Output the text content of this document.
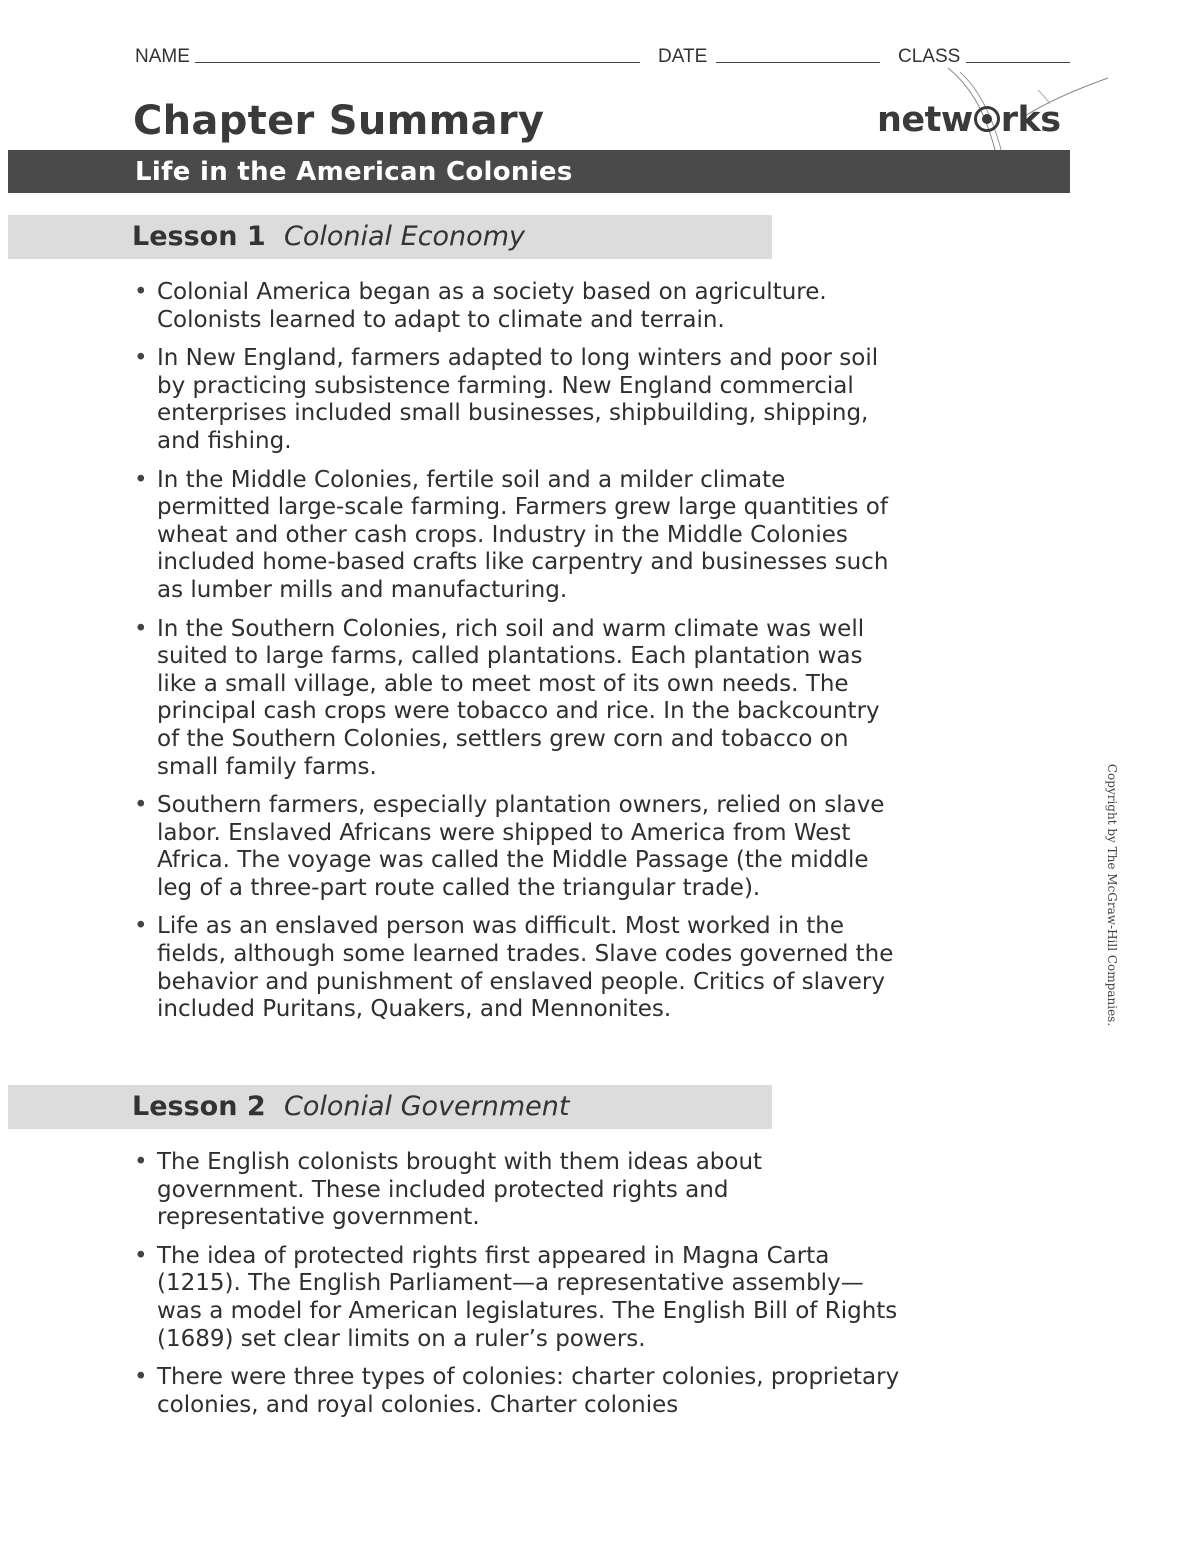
NAME	DATE	CLASS
Chapter Summary	netw rks
Life in the American Colonies
Lesson 1 Colonial Economy
• Colonial America began as a society based on agriculture. Colonists learned to adapt to climate and terrain.
• In New England, farmers adapted to long winters and poor soil by practicing subsistence farming. New England commercial enterprises included small businesses, shipbuilding, shipping, and fishing.
• In the Middle Colonies, fertile soil and a milder climate permitted large-scale farming. Farmers grew large quantities of wheat and other cash crops. Industry in the Middle Colonies included home-based crafts like carpentry and businesses such as lumber mills and manufacturing.
• In the Southern Colonies, rich soil and warm climate was well suited to large farms, called plantations. Each plantation was like a small village, able to meet most of its own needs. The principal cash crops were tobacco and rice. In the backcountry of the Southern Colonies, settlers grew corn and tobacco on small family farms.
• Southern farmers, especially plantation owners, relied on slave labor. Enslaved Africans were shipped to America from West Africa. The voyage was called the Middle Passage (the middle leg of a three-part route called the triangular trade).
• Life as an enslaved person was difficult. Most worked in the fields, although some learned trades. Slave codes governed the behavior and punishment of enslaved people. Critics of slavery included Puritans, Quakers, and Mennonites.
Lesson 2 Colonial Government
• The English colonists brought with them ideas about government. These included protected rights and representative government.
• The idea of protected rights first appeared in Magna Carta (1215). The English Parliament—a representative assembly—was a model for American legislatures. The English Bill of Rights (1689) set clear limits on a ruler’s powers.
• There were three types of colonies: charter colonies, proprietary colonies, and royal colonies. Charter colonies
Copyright by The McGraw-Hill Companies.
